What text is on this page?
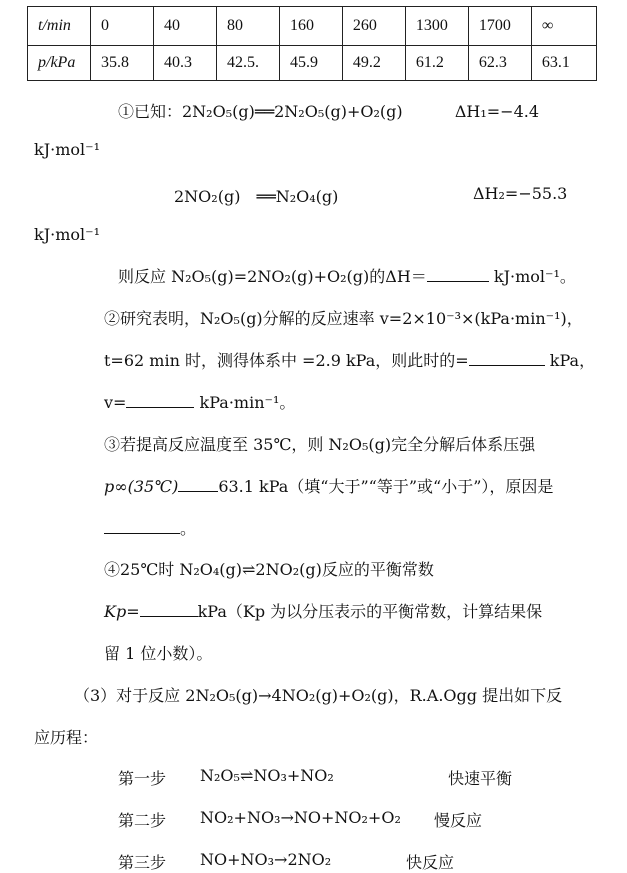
t/min	0	40	80	160	260	1300	1700	∞
p/kPa	35.8	40.3	42.5.	45.9	49.2	61.2	62.3	63.1
①已知：2N₂O₅(g)══2N₂O₅(g)+O₂(g)	ΔH₁=−4.4
kJ·mol⁻¹
2NO₂(g)　══N₂O₄(g)	ΔH₂=−55.3
kJ·mol⁻¹
则反应 N₂O₅(g)=2NO₂(g)+O₂(g)的ΔH＝	kJ·mol⁻¹。
②研究表明，N₂O₅(g)分解的反应速率 v=2×10⁻³×(kPa·min⁻¹)，
t=62 min 时，测得体系中 =2.9 kPa，则此时的=	kPa，
v=	kPa·min⁻¹。
③若提高反应温度至 35℃，则 N₂O₅(g)完全分解后体系压强
p∞(35℃)	63.1 kPa（填“大于”“等于”或“小于”），原因是
。
④25℃时 N₂O₄(g)⇌2NO₂(g)反应的平衡常数
Kp=	kPa（Kp 为以分压表示的平衡常数，计算结果保
留 1 位小数）。
（3）对于反应 2N₂O₅(g)→4NO₂(g)+O₂(g)，R.A.Ogg 提出如下反
应历程：
第一步 N₂O₅⇌NO₃+NO₂	快速平衡
第二步 NO₂+NO₃→NO+NO₂+O₂ 慢反应
第三步 NO+NO₃→2NO₂	快反应
